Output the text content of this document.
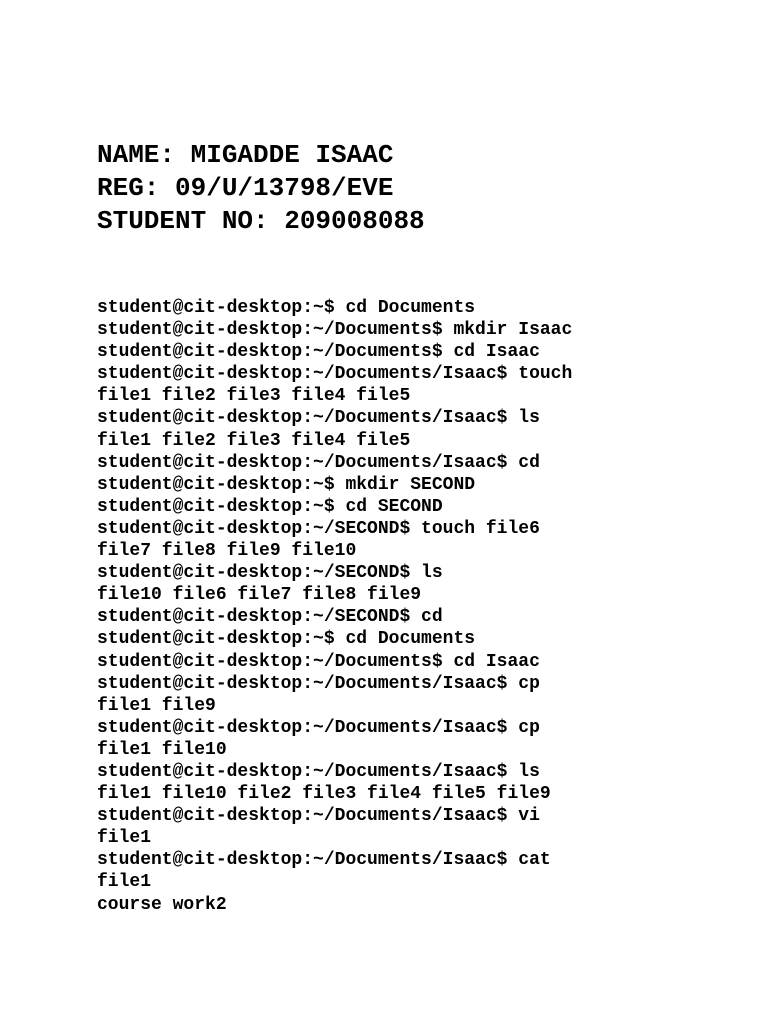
NAME: MIGADDE ISAAC
REG: 09/U/13798/EVE
STUDENT NO: 209008088
student@cit-desktop:~$ cd Documents
student@cit-desktop:~/Documents$ mkdir Isaac
student@cit-desktop:~/Documents$ cd Isaac
student@cit-desktop:~/Documents/Isaac$ touch
file1 file2 file3 file4 file5
student@cit-desktop:~/Documents/Isaac$ ls
file1 file2 file3 file4 file5
student@cit-desktop:~/Documents/Isaac$ cd
student@cit-desktop:~$ mkdir SECOND
student@cit-desktop:~$ cd SECOND
student@cit-desktop:~/SECOND$ touch file6
file7 file8 file9 file10
student@cit-desktop:~/SECOND$ ls
file10 file6 file7 file8 file9
student@cit-desktop:~/SECOND$ cd
student@cit-desktop:~$ cd Documents
student@cit-desktop:~/Documents$ cd Isaac
student@cit-desktop:~/Documents/Isaac$ cp
file1 file9
student@cit-desktop:~/Documents/Isaac$ cp
file1 file10
student@cit-desktop:~/Documents/Isaac$ ls
file1 file10 file2 file3 file4 file5 file9
student@cit-desktop:~/Documents/Isaac$ vi
file1
student@cit-desktop:~/Documents/Isaac$ cat
file1
course work2
